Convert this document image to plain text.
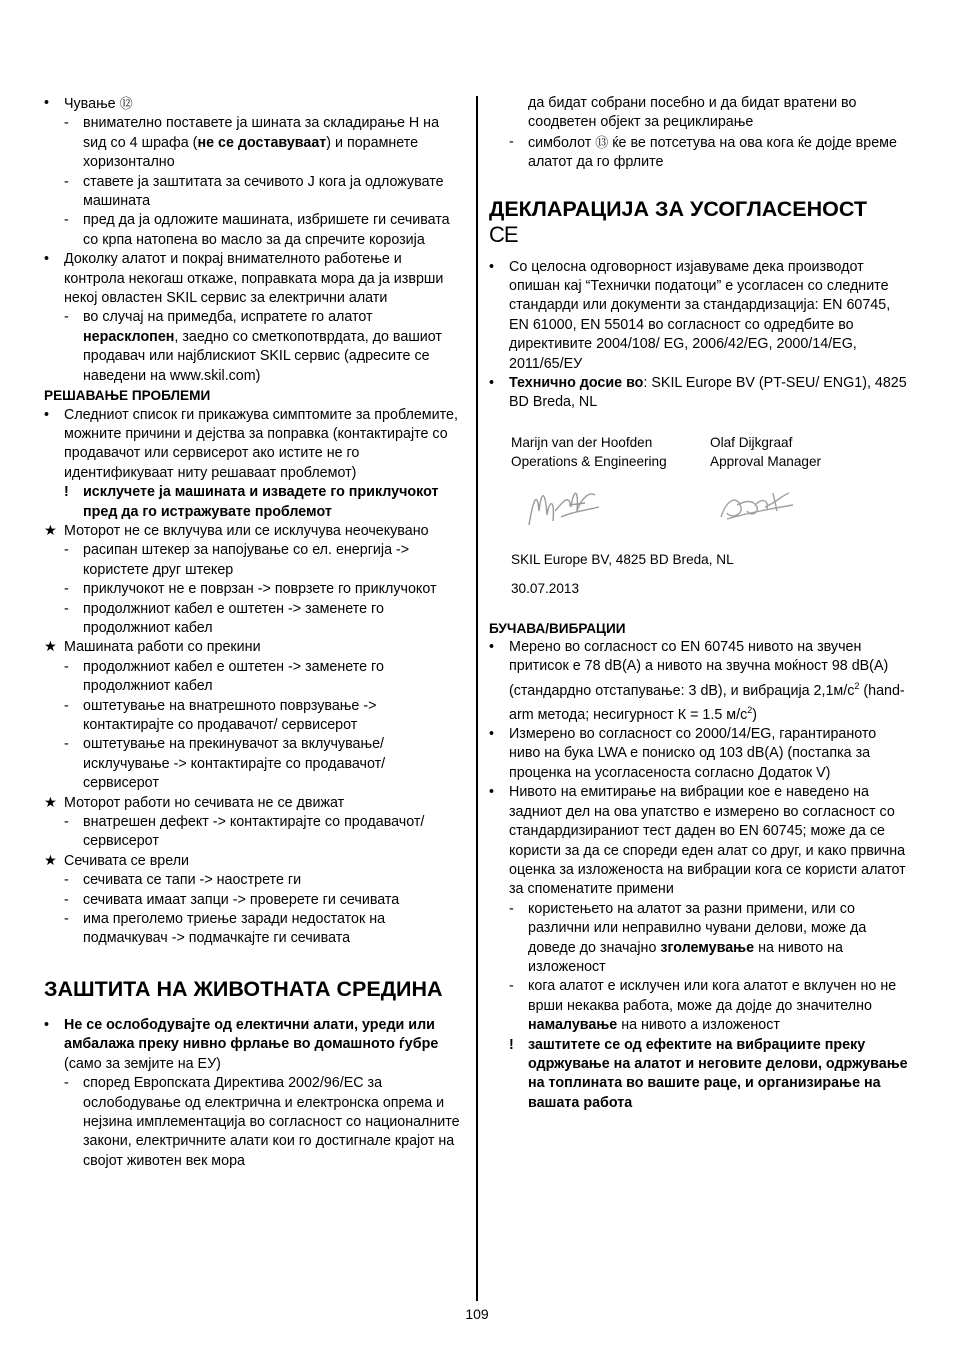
• Чување ⑫
- внимателно поставете ја шината за складирање H на ѕид со 4 шрафа (не се доставуваат) и порамнете хоризонтално
- ставете ја заштитата за сечивото J кога ја одложувате машината
- пред да ја одложите машината, избришете ги сечивата со крпа натопена во масло за да спречите корозија
• Доколку алатот и покрај внимателното работење и контрола некогаш откаже, поправката мора да ја изврши некој овластен SKIL сервис за електрични алати
- во случај на примедба, испратете го алатот нерасклопен, заедно со сметкопотврдата, до вашиот продавач или најблискиот SKIL сервис (адресите се наведени на www.skil.com)
РЕШАВАЊЕ ПРОБЛЕМИ
• Следниот список ги прикажува симптомите за проблемите, можните причини и дејства за поправка (контактирајте со продавачот или сервисерот ако истите не го идентификуваат ниту решаваат проблемот)
! исклучете ја машината и извадете го приклучокот пред да го истражувате проблемот
★ Моторот не се вклучува или се исклучува неочекувано
- расипан штекер за напојување со ел. енергија -> користете друг штекер
- приклучокот не е поврзан -> поврзете го приклучокот
- продолжниот кабел е оштетен -> заменете го продолжниот кабел
★ Машината работи со прекини
- продолжниот кабел е оштетен -> заменете го продолжниот кабел
- оштетување на внатрешното поврзување -> контактирајте со продавачот/ сервисерот
- оштетување на прекинувачот за вклучување/ исклучување -> контактирајте со продавачот/ сервисерот
★ Моторот работи но сечивата не се движат
- внатрешен дефект -> контактирајте со продавачот/ сервисерот
★ Сечивата се врели
- сечивата се тапи -> наострете ги
- сечивата имаат запци -> проверете ги сечивата
- има преголемо триење заради недостаток на подмачкувач -> подмачкајте ги сечивата
ЗАШТИТА НА ЖИВОТНАТА СРЕДИНА
• Не се ослободувајте од електични алати, уреди или амбалажа преку нивно фрлање во домашното ѓубре (само за земјите на ЕУ)
- според Европската Директива 2002/96/EC за ослободување од електрична и електронска опрема и нејзина имплементација во согласност со националните закони, електричните алати кои го достигнале крајот на својот животен век мора
да бидат собрани посебно и да бидат вратени во соодветен објект за рециклирање
- симболот ⑬ ќе ве потсетува на ова кога ќе дојде време алатот да го фрлите
ДЕКЛАРАЦИЈА ЗА УСОГЛАСЕНОСТ
CE
• Со целосна одговорност изјавуваме дека производот опишан кај “Технички податоци” е усогласен со следните стандарди или документи за стандардизација: EN 60745, EN 61000, EN 55014 во согласност со одредбите во директивите 2004/108/ EG, 2006/42/EG, 2000/14/EG, 2011/65/ЕУ
• Технично досие во: SKIL Europe BV (PT-SEU/ ENG1), 4825 BD Breda, NL
Marijn van der Hoofden
Operations & Engineering
Olaf Dijkgraaf
Approval Manager
SKIL Europe BV, 4825 BD Breda, NL
30.07.2013
БУЧАВА/ВИБРАЦИИ
• Мерено во согласност со EN 60745 нивото на звучен притисок е 78 dB(A) а нивото на звучна моќност 98 dB(A) (стандардно отстапување: 3 dB), и вибрација $2,1м/с^2$ (hand-arm метода; несигурност К = 1.5 $м/с^2$)
• Измерено во согласност со 2000/14/EG, гарантираното ниво на бука LWA е пониско од 103 dB(A) (постапка за проценка на усогласеноста согласно Додаток V)
• Нивото на емитирање на вибрации кое е наведено на задниот дел на ова упатство е измерено во согласност со стандардизираниот тест даден во EN 60745; може да се користи за да се спореди еден алат со друг, и како првична оценка за изложеноста на вибрации кога се користи алатот за споменатите примени
- користењето на алатот за разни примени, или со различни или неправилно чувани делови, може да доведе до значајно зголемување на нивото на изложеност
- кога алатот е исклучен или кога алатот е вклучен но не врши некаква работа, може да дојде до значително намалување на нивото а изложеност
! заштитете се од ефектите на вибрациите преку одржување на алатот и неговите делови, одржување на топлината во вашите раце, и организирање на вашата работа
109
